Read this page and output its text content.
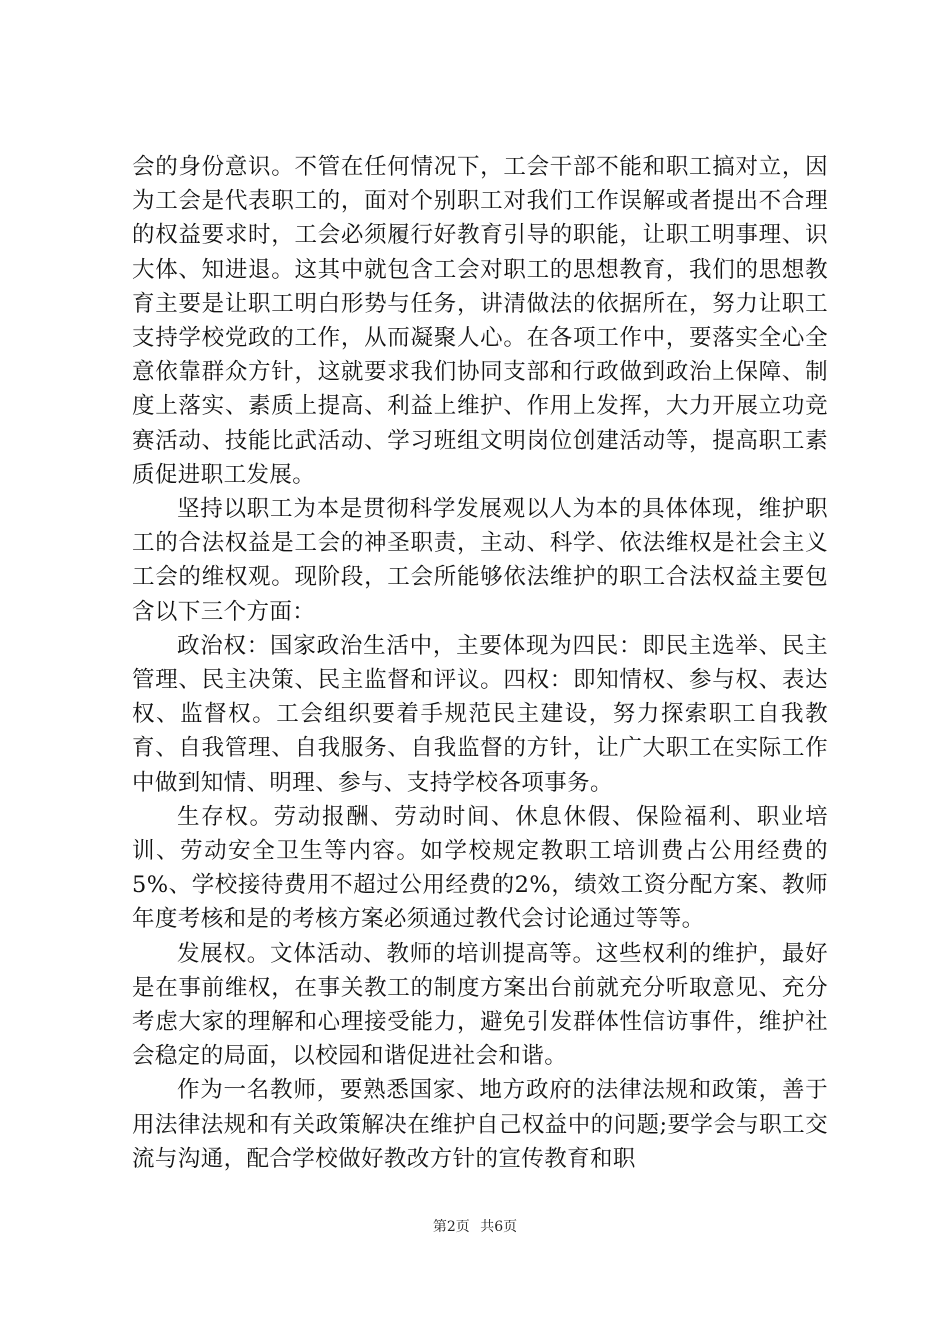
会的身份意识。不管在任何情况下，工会干部不能和职工搞对立，因为工会是代表职工的，面对个别职工对我们工作误解或者提出不合理的权益要求时，工会必须履行好教育引导的职能，让职工明事理、识大体、知进退。这其中就包含工会对职工的思想教育，我们的思想教育主要是让职工明白形势与任务，讲清做法的依据所在，努力让职工支持学校党政的工作，从而凝聚人心。在各项工作中，要落实全心全意依靠群众方针，这就要求我们协同支部和行政做到政治上保障、制度上落实、素质上提高、利益上维护、作用上发挥，大力开展立功竞赛活动、技能比武活动、学习班组文明岗位创建活动等，提高职工素质促进职工发展。

坚持以职工为本是贯彻科学发展观以人为本的具体体现，维护职工的合法权益是工会的神圣职责，主动、科学、依法维权是社会主义工会的维权观。现阶段，工会所能够依法维护的职工合法权益主要包含以下三个方面：

政治权：国家政治生活中，主要体现为四民：即民主选举、民主管理、民主决策、民主监督和评议。四权：即知情权、参与权、表达权、监督权。工会组织要着手规范民主建设，努力探索职工自我教育、自我管理、自我服务、自我监督的方针，让广大职工在实际工作中做到知情、明理、参与、支持学校各项事务。

生存权。劳动报酬、劳动时间、休息休假、保险福利、职业培训、劳动安全卫生等内容。如学校规定教职工培训费占公用经费的5%、学校接待费用不超过公用经费的2%，绩效工资分配方案、教师年度考核和是的考核方案必须通过教代会讨论通过等等。

发展权。文体活动、教师的培训提高等。这些权利的维护，最好是在事前维权，在事关教工的制度方案出台前就充分听取意见、充分考虑大家的理解和心理接受能力，避免引发群体性信访事件，维护社会稳定的局面，以校园和谐促进社会和谐。

作为一名教师，要熟悉国家、地方政府的法律法规和政策，善于用法律法规和有关政策解决在维护自己权益中的问题;要学会与职工交流与沟通，配合学校做好教改方针的宣传教育和职

第2页 共6页
